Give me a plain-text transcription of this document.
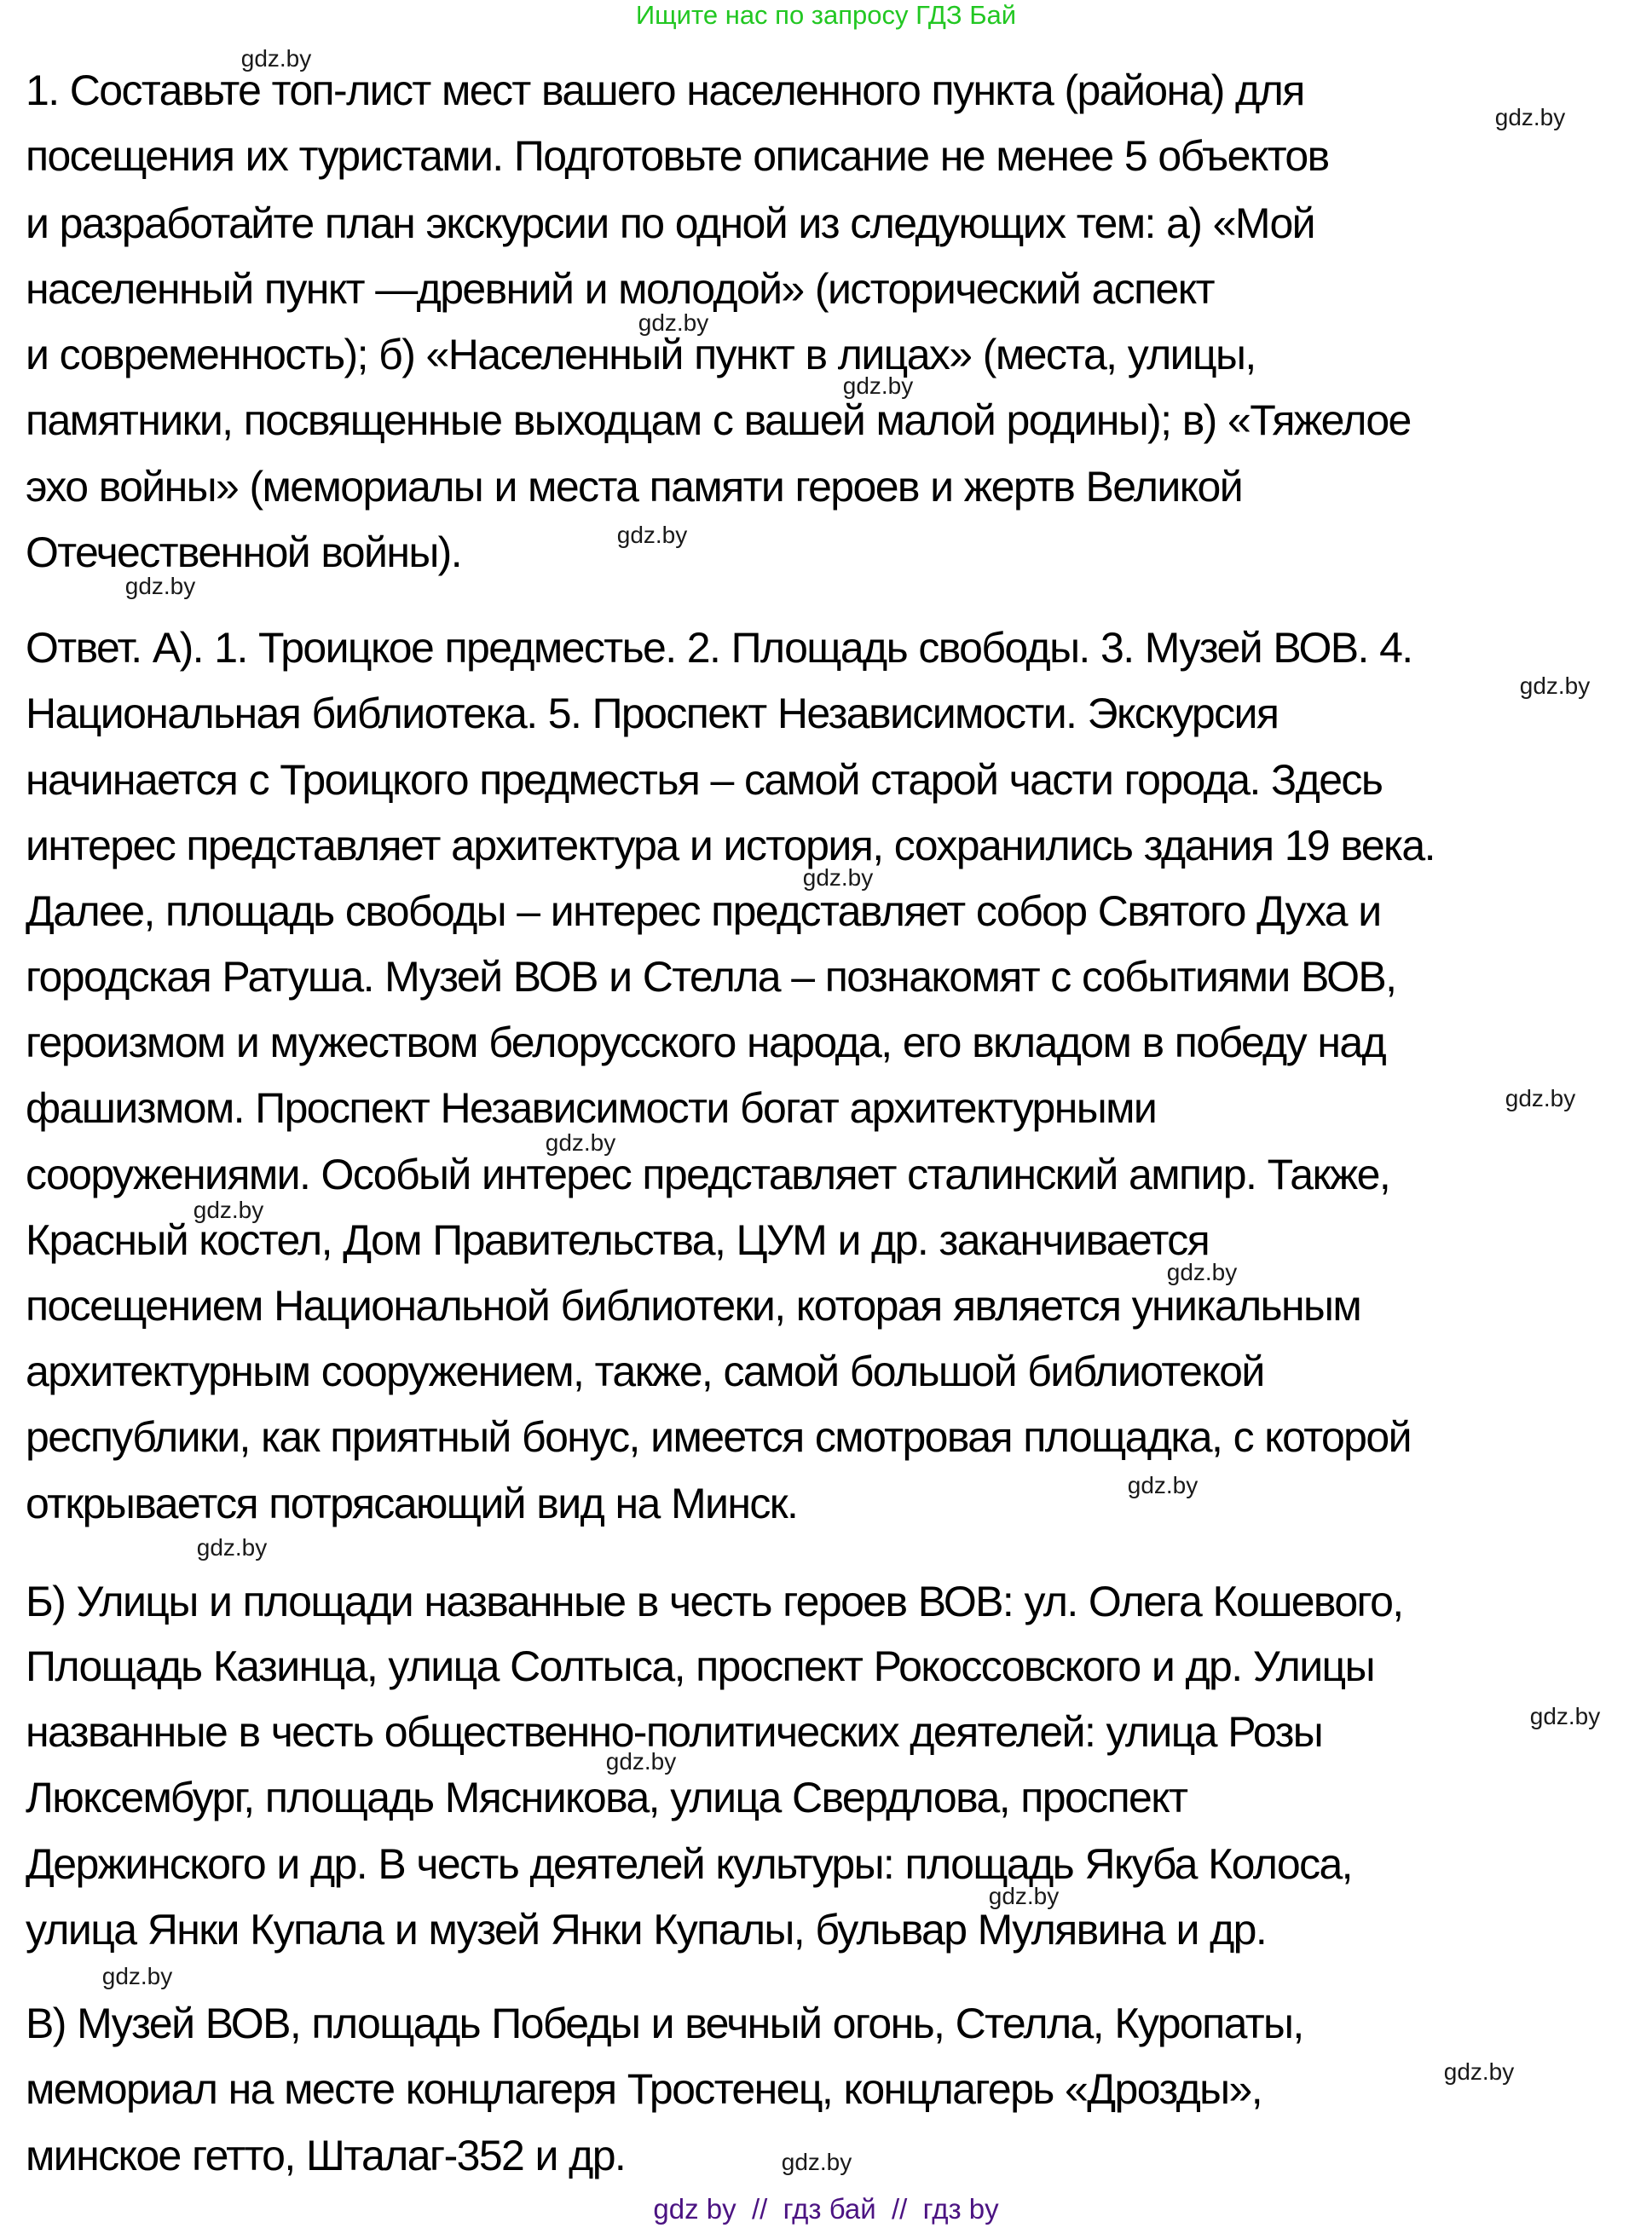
Ищите нас по запросу ГДЗ Бай
1. Составьте топ-лист мест вашего населенного пункта (района) для
посещения их туристами. Подготовьте описание не менее 5 объектов
и разработайте план экскурсии по одной из следующих тем: а) «Мой
населенный пункт —древний и молодой» (исторический аспект
и современность); б) «Населенный пункт в лицах» (места, улицы,
памятники, посвященные выходцам с вашей малой родины); в) «Тяжелое
эхо войны» (мемориалы и места памяти героев и жертв Великой
Отечественной войны).
Ответ. А). 1. Троицкое предместье. 2. Площадь свободы. 3. Музей ВОВ. 4.
Национальная библиотека. 5. Проспект Независимости. Экскурсия
начинается с Троицкого предместья – самой старой части города. Здесь
интерес представляет архитектура и история, сохранились здания 19 века.
Далее, площадь свободы – интерес представляет собор Святого Духа и
городская Ратуша. Музей ВОВ и Стелла – познакомят с событиями ВОВ,
героизмом и мужеством белорусского народа, его вкладом в победу над
фашизмом. Проспект Независимости богат архитектурными
сооружениями. Особый интерес представляет сталинский ампир. Также,
Красный костел, Дом Правительства, ЦУМ и др. заканчивается
посещением Национальной библиотеки, которая является уникальным
архитектурным сооружением, также, самой большой библиотекой
республики, как приятный бонус, имеется смотровая площадка, с которой
открывается потрясающий вид на Минск.
Б) Улицы и площади названные в честь героев ВОВ: ул. Олега Кошевого,
Площадь Казинца, улица Солтыса, проспект Рокоссовского и др. Улицы
названные в честь общественно-политических деятелей: улица Розы
Люксембург, площадь Мясникова, улица Свердлова, проспект
Держинского и др. В честь деятелей культуры: площадь Якуба Колоса,
улица Янки Купала и музей Янки Купалы, бульвар Мулявина и др.
В) Музей ВОВ, площадь Победы и вечный огонь, Стелла, Куропаты,
мемориал на месте концлагеря Тростенец, концлагерь «Дрозды»,
минское гетто, Шталаг-352 и др.
gdz.by
gdz.by
gdz.by
gdz.by
gdz.by
gdz.by
gdz.by
gdz.by
gdz.by
gdz.by
gdz.by
gdz.by
gdz.by
gdz.by
gdz.by
gdz.by
gdz.by
gdz.by
gdz.by
gdz.by
gdz by  //  гдз бай  //  гдз by
